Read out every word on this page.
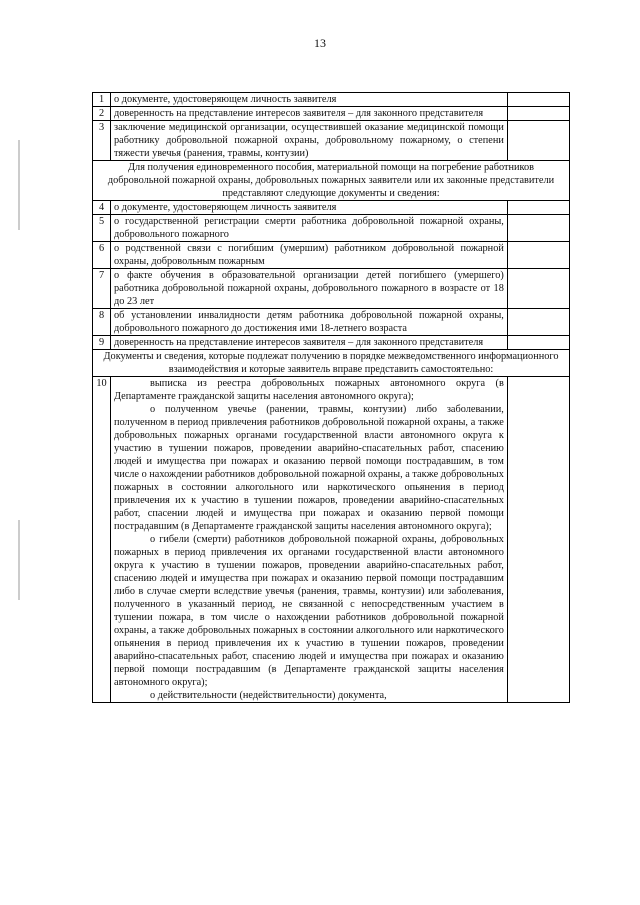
13
1	о документе, удостоверяющем личность заявителя	
2	доверенность на представление интересов заявителя – для законного представителя	
3	заключение медицинской организации, осуществившей оказание медицинской помощи работнику добровольной пожарной охраны, добровольному пожарному, о степени тяжести увечья (ранения, травмы, контузии)	
Для получения единовременного пособия, материальной помощи на погребение работников добровольной пожарной охраны, добровольных пожарных заявители или их законные представители представляют следующие документы и сведения:		
4	о документе, удостоверяющем личность заявителя	
5	о государственной регистрации смерти работника добровольной пожарной охраны, добровольного пожарного	
6	о родственной связи с погибшим (умершим) работником добровольной пожарной охраны, добровольным пожарным	
7	о факте обучения в образовательной организации детей погибшего (умершего) работника добровольной пожарной охраны, добровольного пожарного в возрасте от 18 до 23 лет	
8	об установлении инвалидности детям работника добровольной пожарной охраны, добровольного пожарного до достижения ими 18-летнего возраста	
9	доверенность на представление интересов заявителя – для законного представителя	
Документы и сведения, которые подлежат получению в порядке межведомственного информационного взаимодействия и которые заявитель вправе представить самостоятельно:		
10	выписка из реестра добровольных пожарных автономного округа (в Департаменте гражданской защиты населения автономного округа);

о полученном увечье (ранении, травмы, контузии) либо заболевании, полученном в период привлечения работников добровольной пожарной охраны, а также добровольных пожарных органами государственной власти автономного округа к участию в тушении пожаров, проведении аварийно-спасательных работ, спасению людей и имущества при пожарах и оказанию первой помощи пострадавшим, в том числе о нахождении работников добровольной пожарной охраны, а также добровольных пожарных в состоянии алкогольного или наркотического опьянения в период привлечения их к участию в тушении пожаров, проведении аварийно-спасательных работ, спасении людей и имущества при пожарах и оказанию первой помощи пострадавшим (в Департаменте гражданской защиты населения автономного округа);

о гибели (смерти) работников добровольной пожарной охраны, добровольных пожарных в период привлечения их органами государственной власти автономного округа к участию в тушении пожаров, проведении аварийно-спасательных работ, спасению людей и имущества при пожарах и оказанию первой помощи пострадавшим либо в случае смерти вследствие увечья (ранения, травмы, контузии) или заболевания, полученного в указанный период, не связанной с непосредственным участием в тушении пожара, в том числе о нахождении работников добровольной пожарной охраны, а также добровольных пожарных в состоянии алкогольного или наркотического опьянения в период привлечения их к участию в тушении пожаров, проведении аварийно-спасательных работ, спасению людей и имущества при пожарах и оказанию первой помощи пострадавшим (в Департаменте гражданской защиты населения автономного округа);

о действительности (недействительности) документа,	
